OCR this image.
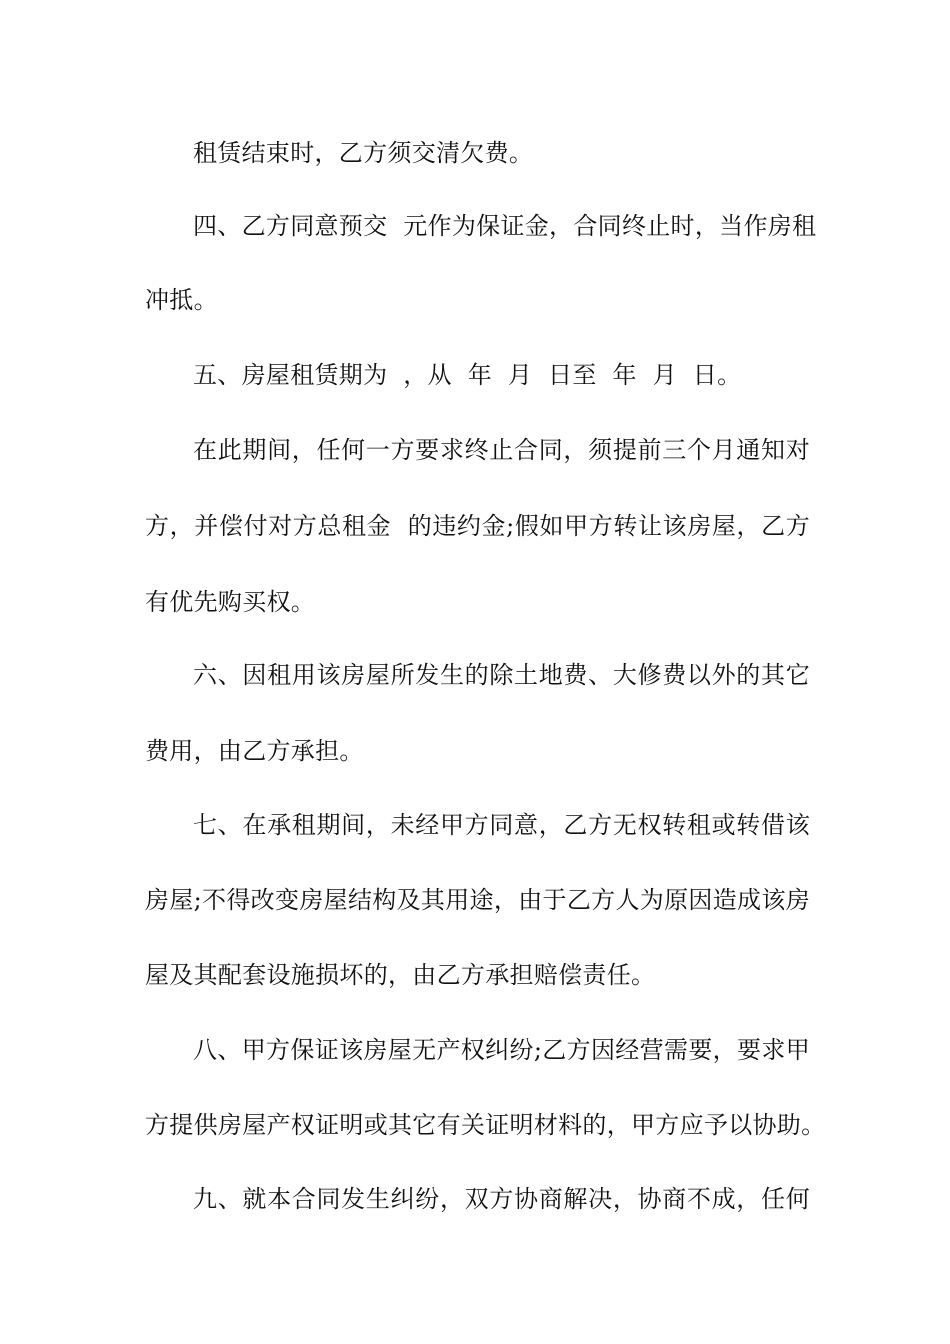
租赁结束时，乙方须交清欠费。
四、乙方同意预交  元作为保证金，合同终止时，当作房租
冲抵。
五、房屋租赁期为  ，从  年  月  日至  年  月  日。
在此期间，任何一方要求终止合同，须提前三个月通知对
方，并偿付对方总租金  的违约金;假如甲方转让该房屋，乙方
有优先购买权。
六、因租用该房屋所发生的除土地费、大修费以外的其它
费用，由乙方承担。
七、在承租期间，未经甲方同意，乙方无权转租或转借该
房屋;不得改变房屋结构及其用途，由于乙方人为原因造成该房
屋及其配套设施损坏的，由乙方承担赔偿责任。
八、甲方保证该房屋无产权纠纷;乙方因经营需要，要求甲
方提供房屋产权证明或其它有关证明材料的，甲方应予以协助。
九、就本合同发生纠纷，双方协商解决，协商不成，任何
